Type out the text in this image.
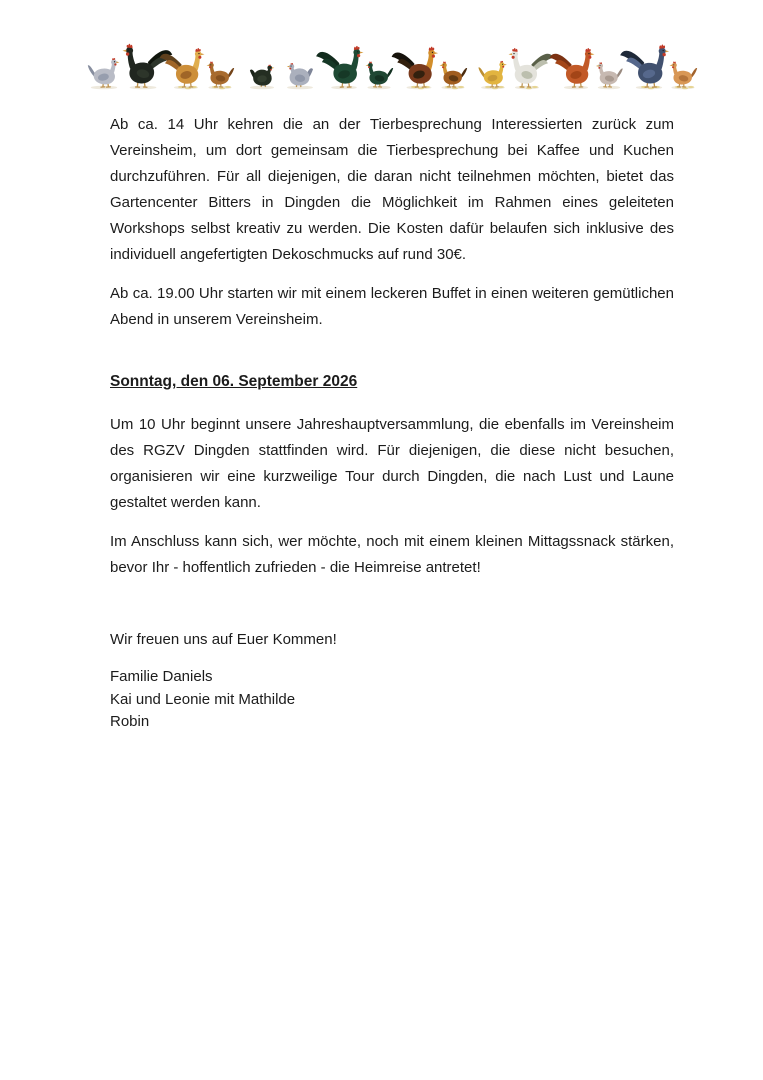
Ab ca. 14 Uhr kehren die an der Tierbesprechung Interessierten zurück zum Vereinsheim, um dort gemeinsam die Tierbesprechung bei Kaffee und Kuchen durchzuführen. Für all diejenigen, die daran nicht teilnehmen möchten, bietet das Gartencenter Bitters in Dingden die Möglichkeit im Rahmen eines geleiteten Workshops selbst kreativ zu werden. Die Kosten dafür belaufen sich inklusive des individuell angefertigten Dekoschmucks auf rund 30€.

Ab ca. 19.00 Uhr starten wir mit einem leckeren Buffet in einen weiteren gemütlichen Abend in unserem Vereinsheim.

Sonntag, den 06. September 2026

Um 10 Uhr beginnt unsere Jahreshauptversammlung, die ebenfalls im Vereinsheim des RGZV Dingden stattfinden wird. Für diejenigen, die diese nicht besuchen, organisieren wir eine kurzweilige Tour durch Dingden, die nach Lust und Laune gestaltet werden kann.

Im Anschluss kann sich, wer möchte, noch mit einem kleinen Mittagssnack stärken, bevor Ihr - hoffentlich zufrieden - die Heimreise antretet!

Wir freuen uns auf Euer Kommen!

Familie Daniels
Kai und Leonie mit Mathilde
Robin
